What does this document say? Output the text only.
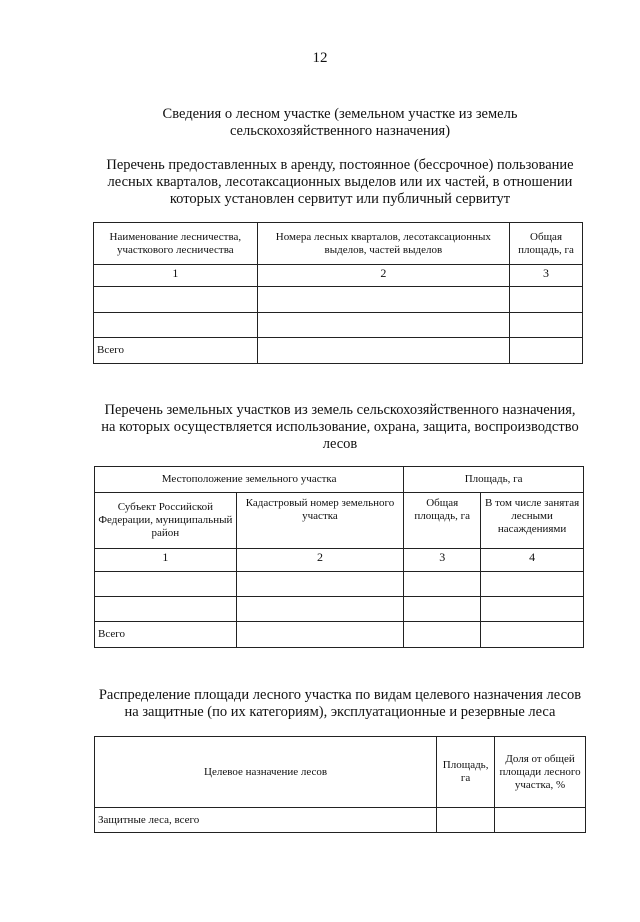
12
Сведения о лесном участке (земельном участке из земель
сельскохозяйственного назначения)
Перечень предоставленных в аренду, постоянное (бессрочное) пользование
лесных кварталов, лесотаксационных выделов или их частей, в отношении
которых установлен сервитут или публичный сервитут
Наименование лесничества, участкового лесничества	Номера лесных кварталов, лесотаксационных выделов, частей выделов	Общая площадь, га
1	2	3

Всего		
Перечень земельных участков из земель сельскохозяйственного назначения,
на которых осуществляется использование, охрана, защита, воспроизводство
лесов
Местоположение земельного участка		Площадь, га	
Субъект Российской Федерации, муниципальный район	Кадастровый номер земельного участка	Общая площадь, га	В том числе занятая лесными насаждениями
1	2	3	4

Всего			
Распределение площади лесного участка по видам целевого назначения лесов
на защитные (по их категориям), эксплуатационные и резервные леса
Целевое назначение лесов	Площадь, га	Доля от общей площади лесного участка, %
Защитные леса, всего		
